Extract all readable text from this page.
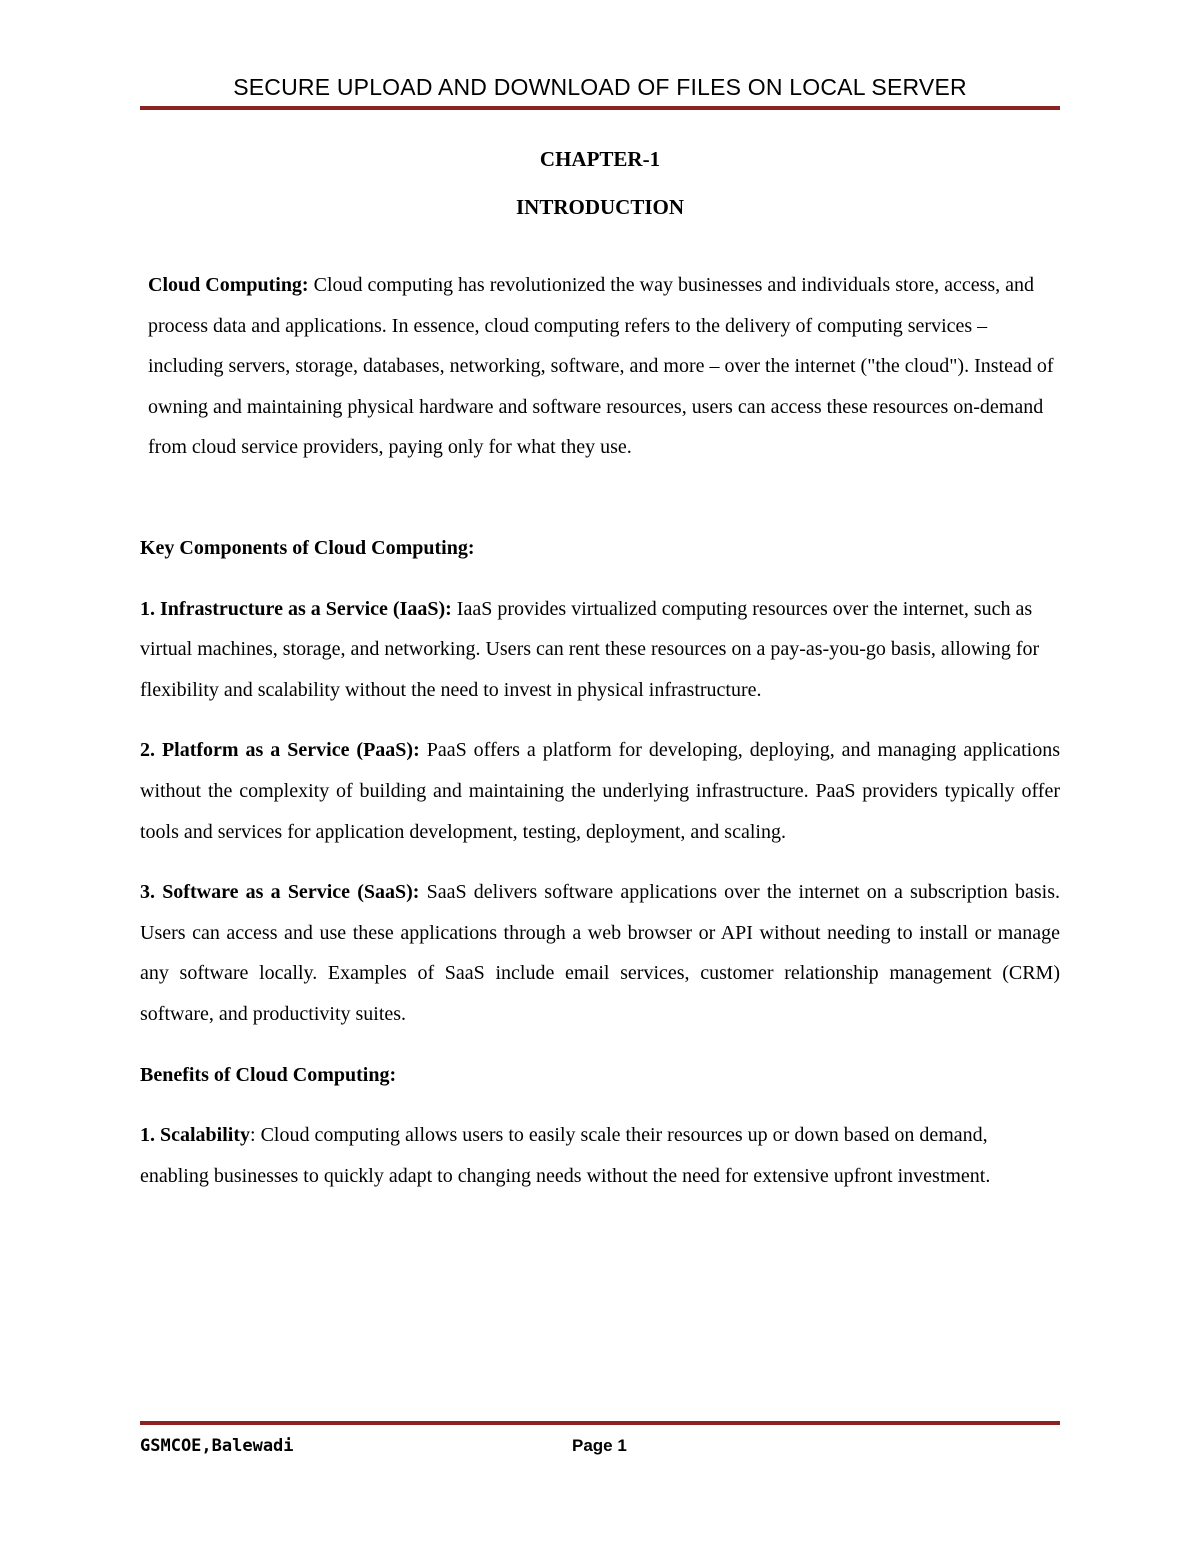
SECURE UPLOAD AND DOWNLOAD OF FILES ON LOCAL SERVER

CHAPTER-1

INTRODUCTION

Cloud Computing: Cloud computing has revolutionized the way businesses and individuals store, access, and process data and applications. In essence, cloud computing refers to the delivery of computing services – including servers, storage, databases, networking, software, and more – over the internet ("the cloud"). Instead of owning and maintaining physical hardware and software resources, users can access these resources on-demand from cloud service providers, paying only for what they use.

Key Components of Cloud Computing:

1. Infrastructure as a Service (IaaS): IaaS provides virtualized computing resources over the internet, such as virtual machines, storage, and networking. Users can rent these resources on a pay-as-you-go basis, allowing for flexibility and scalability without the need to invest in physical infrastructure.

2. Platform as a Service (PaaS): PaaS offers a platform for developing, deploying, and managing applications without the complexity of building and maintaining the underlying infrastructure. PaaS providers typically offer tools and services for application development, testing, deployment, and scaling.

3. Software as a Service (SaaS): SaaS delivers software applications over the internet on a subscription basis. Users can access and use these applications through a web browser or API without needing to install or manage any software locally. Examples of SaaS include email services, customer relationship management (CRM) software, and productivity suites.

Benefits of Cloud Computing:

1. Scalability: Cloud computing allows users to easily scale their resources up or down based on demand, enabling businesses to quickly adapt to changing needs without the need for extensive upfront investment.

GSMCOE,Balewadi	Page 1
